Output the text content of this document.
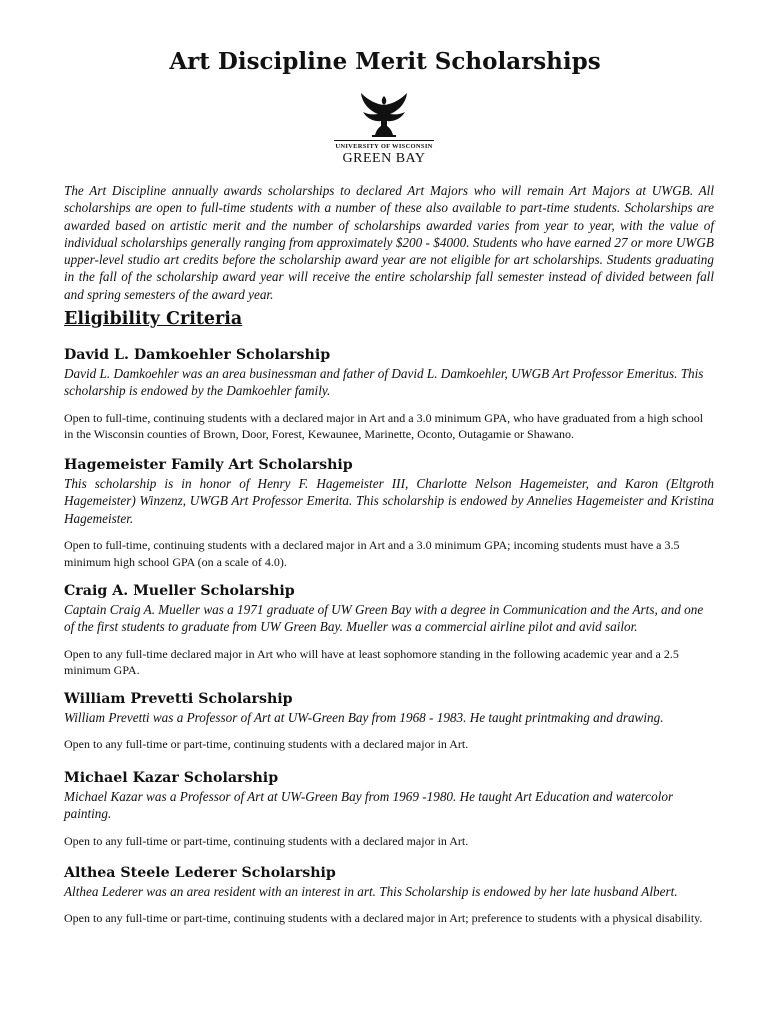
Art Discipline Merit Scholarships
UNIVERSITY OF WISCONSIN
GREEN BAY

The Art Discipline annually awards scholarships to declared Art Majors who will remain Art Majors at UWGB. All scholarships are open to full-time students with a number of these also available to part-time students. Scholarships are awarded based on artistic merit and the number of scholarships awarded varies from year to year, with the value of individual scholarships generally ranging from approximately $200 - $4000. Students who have earned 27 or more UWGB upper-level studio art credits before the scholarship award year are not eligible for art scholarships. Students graduating in the fall of the scholarship award year will receive the entire scholarship fall semester instead of divided between fall and spring semesters of the award year.

Eligibility Criteria
David L. Damkoehler Scholarship

David L. Damkoehler was an area businessman and father of David L. Damkoehler, UWGB Art Professor Emeritus. This scholarship is endowed by the Damkoehler family.

Open to full-time, continuing students with a declared major in Art and a 3.0 minimum GPA, who have graduated from a high school in the Wisconsin counties of Brown, Door, Forest, Kewaunee, Marinette, Oconto, Outagamie or Shawano.

Hagemeister Family Art Scholarship

This scholarship is in honor of Henry F. Hagemeister III, Charlotte Nelson Hagemeister, and Karon (Eltgroth Hagemeister) Winzenz, UWGB Art Professor Emerita. This scholarship is endowed by Annelies Hagemeister and Kristina Hagemeister.

Open to full-time, continuing students with a declared major in Art and a 3.0 minimum GPA; incoming students must have a 3.5 minimum high school GPA (on a scale of 4.0).

Craig A. Mueller Scholarship

Captain Craig A. Mueller was a 1971 graduate of UW Green Bay with a degree in Communication and the Arts, and one of the first students to graduate from UW Green Bay. Mueller was a commercial airline pilot and avid sailor.

Open to any full-time declared major in Art who will have at least sophomore standing in the following academic year and a 2.5 minimum GPA.

William Prevetti Scholarship

William Prevetti was a Professor of Art at UW-Green Bay from 1968 - 1983. He taught printmaking and drawing.

Open to any full-time or part-time, continuing students with a declared major in Art.

Michael Kazar Scholarship

Michael Kazar was a Professor of Art at UW-Green Bay from 1969 -1980. He taught Art Education and watercolor painting.

Open to any full-time or part-time, continuing students with a declared major in Art.

Althea Steele Lederer Scholarship

Althea Lederer was an area resident with an interest in art. This Scholarship is endowed by her late husband Albert.

Open to any full-time or part-time, continuing students with a declared major in Art; preference to students with a physical disability.
